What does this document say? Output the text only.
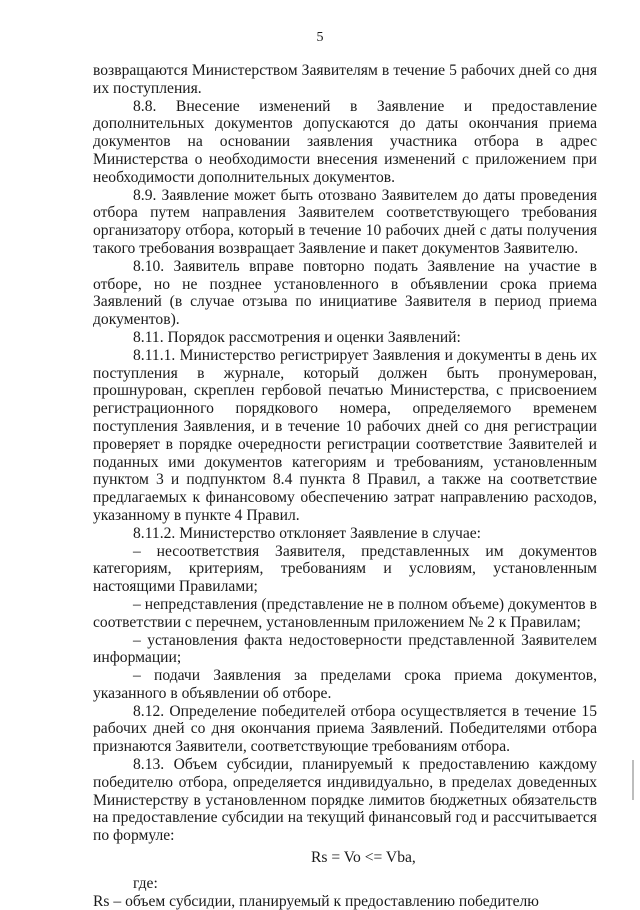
5

возвращаются Министерством Заявителям в течение 5 рабочих дней со дня их поступления.

8.8. Внесение изменений в Заявление и предоставление дополнительных документов допускаются до даты окончания приема документов на основании заявления участника отбора в адрес Министерства о необходимости внесения изменений с приложением при необходимости дополнительных документов.

8.9. Заявление может быть отозвано Заявителем до даты проведения отбора путем направления Заявителем соответствующего требования организатору отбора, который в течение 10 рабочих дней с даты получения такого требования возвращает Заявление и пакет документов Заявителю.

8.10. Заявитель вправе повторно подать Заявление на участие в отборе, но не позднее установленного в объявлении срока приема Заявлений (в случае отзыва по инициативе Заявителя в период приема документов).

8.11. Порядок рассмотрения и оценки Заявлений:

8.11.1. Министерство регистрирует Заявления и документы в день их поступления в журнале, который должен быть пронумерован, прошнурован, скреплен гербовой печатью Министерства, с присвоением регистрационного порядкового номера, определяемого временем поступления Заявления, и в течение 10 рабочих дней со дня регистрации проверяет в порядке очередности регистрации соответствие Заявителей и поданных ими документов категориям и требованиям, установленным пунктом 3 и подпунктом 8.4 пункта 8 Правил, а также на соответствие предлагаемых к финансовому обеспечению затрат направлению расходов, указанному в пункте 4 Правил.

8.11.2. Министерство отклоняет Заявление в случае:

– несоответствия Заявителя, представленных им документов категориям, критериям, требованиям и условиям, установленным настоящими Правилами;

– непредставления (представление не в полном объеме) документов в соответствии с перечнем, установленным приложением № 2 к Правилам;

– установления факта недостоверности представленной Заявителем информации;

– подачи Заявления за пределами срока приема документов, указанного в объявлении об отборе.

8.12. Определение победителей отбора осуществляется в течение 15 рабочих дней со дня окончания приема Заявлений. Победителями отбора признаются Заявители, соответствующие требованиям отбора.

8.13. Объем субсидии, планируемый к предоставлению каждому победителю отбора, определяется индивидуально, в пределах доведенных Министерству в установленном порядке лимитов бюджетных обязательств на предоставление субсидии на текущий финансовый год и рассчитывается по формуле:

Rs = Vo <= Vba,

где:

Rs – объем субсидии, планируемый к предоставлению победителю
